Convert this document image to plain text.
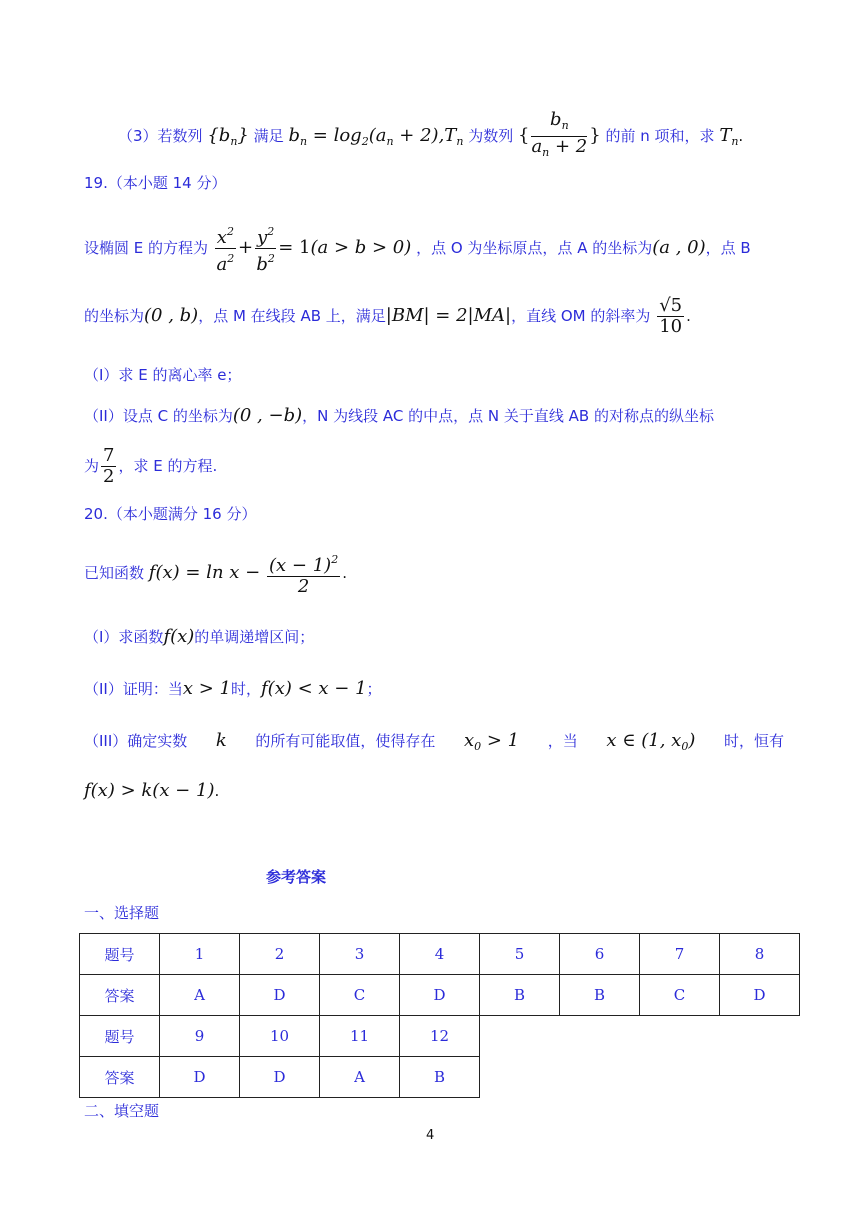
（3）若数列 $\{b_n\}$ 满足 $b_n = \log_2(a_n + 2),T_n$ 为数列 { $\frac{b_n}{a_n + 2}$ } 的前 n 项和，求 $T_n$.
19.（本小题 14 分）
设椭圆 E 的方程为 $\frac{x^2}{a^2} + \frac{y^2}{b^2} = 1(a > b > 0)$ ，点 O 为坐标原点，点 A 的坐标为(a , 0)，点 B
的坐标为(0 , b)，点 M 在线段 AB 上，满足|BM| = 2|MA|，直线 OM 的斜率为 $\frac{√5}{10}$ .
（I）求 E 的离心率 e；
（II）设点 C 的坐标为(0 , −b)，N 为线段 AC 的中点，点 N 关于直线 AB 的对称点的纵坐标
为 $\frac{7}{2}$ ，求 E 的方程.
20.（本小题满分 16 分）
已知函数 $f(x) = \ln x - \frac{(x - 1)^2}{2}$ .
（I）求函数f(x)的单调递增区间；
（II）证明：当x > 1时，f(x) < x − 1；
（III）确定实数 k 的所有可能取值，使得存在 $x_0 > 1$ ，当 x ∈ (1, $x_0$) 时，恒有
f(x) > k(x − 1).
参考答案
一、选择题
题号	1	2	3	4	5	6	7	8
答案	A	D	C	D	B	B	C	D
题号	9	10	11	12				
答案	D	D	A	B				
二、填空题
4
